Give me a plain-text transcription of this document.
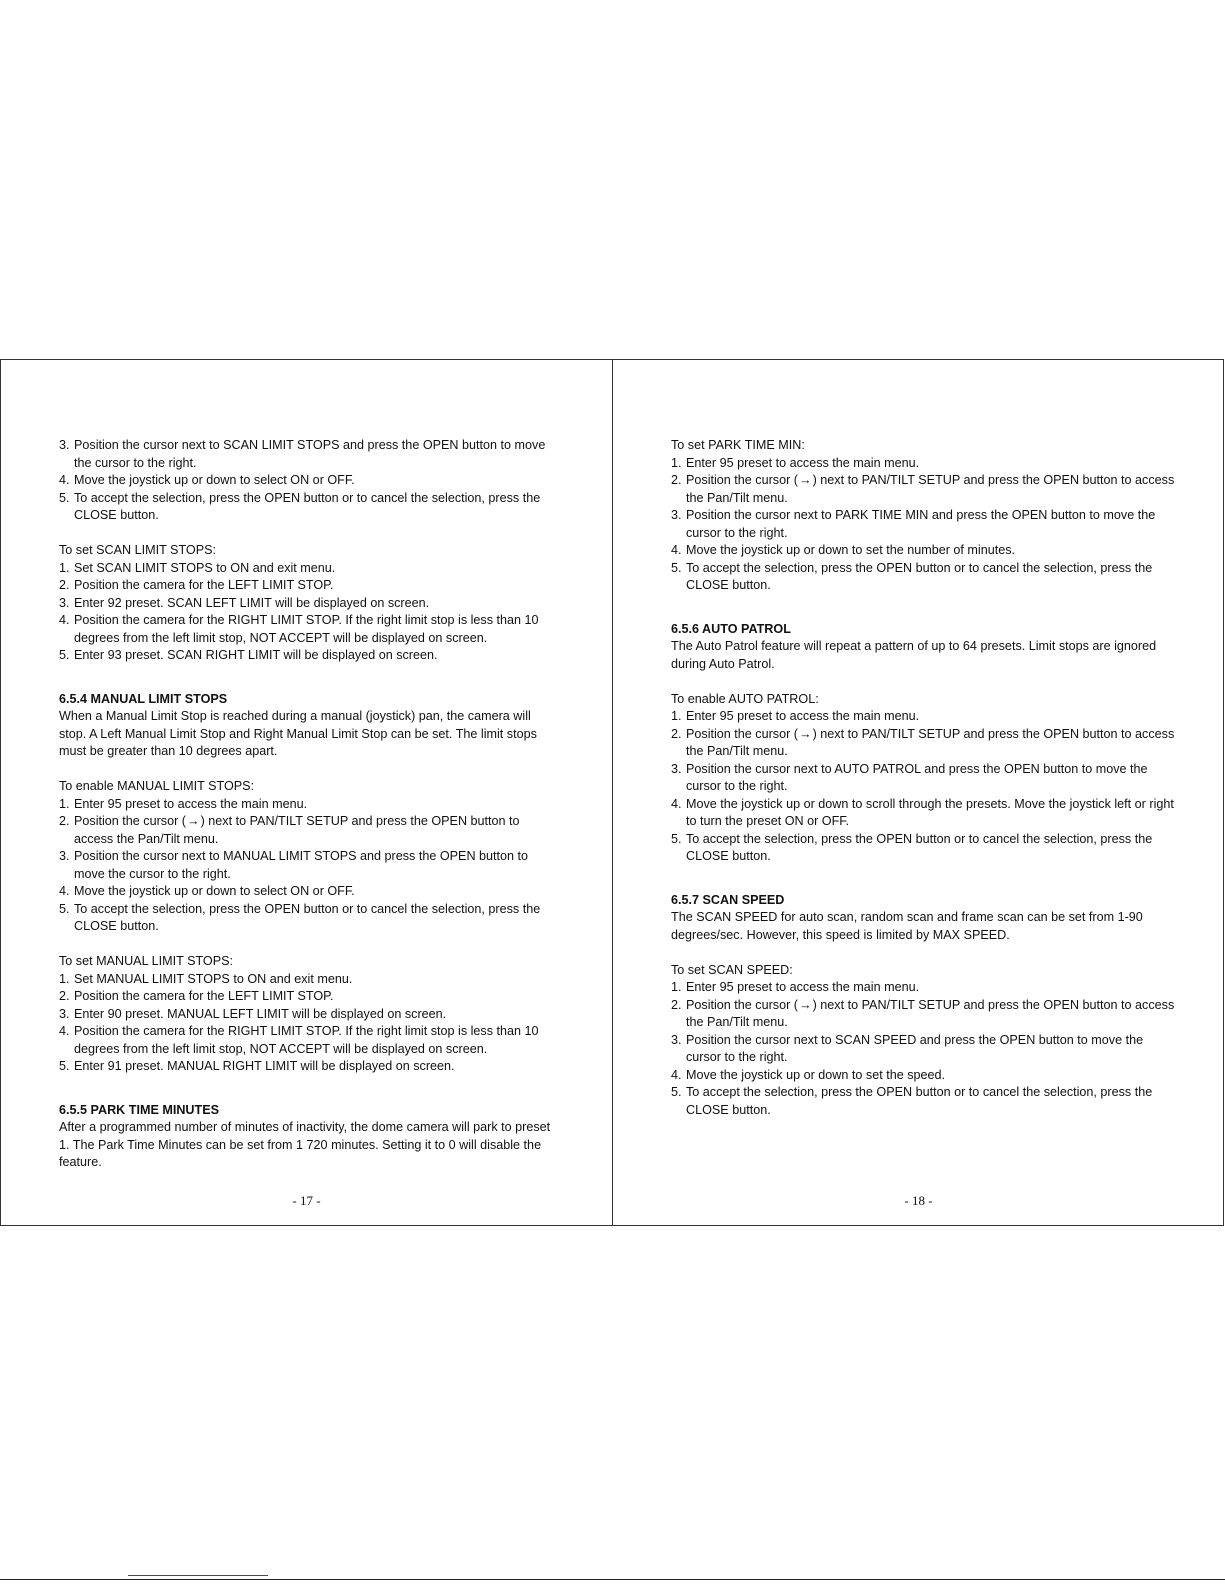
3. Position the cursor next to SCAN LIMIT STOPS and press the OPEN button to move the cursor to the right.
4. Move the joystick up or down to select ON or OFF.
5. To accept the selection, press the OPEN button or to cancel the selection, press the CLOSE button.

To set SCAN LIMIT STOPS:

1. Set SCAN LIMIT STOPS to ON and exit menu.
2. Position the camera for the LEFT LIMIT STOP.
3. Enter 92 preset. SCAN LEFT LIMIT will be displayed on screen.
4. Position the camera for the RIGHT LIMIT STOP. If the right limit stop is less than 10 degrees from the left limit stop, NOT ACCEPT will be displayed on screen.
5. Enter 93 preset. SCAN RIGHT LIMIT will be displayed on screen.

6.5.4 MANUAL LIMIT STOPS

When a Manual Limit Stop is reached during a manual (joystick) pan, the camera will stop. A Left Manual Limit Stop and Right Manual Limit Stop can be set. The limit stops must be greater than 10 degrees apart.

To enable MANUAL LIMIT STOPS:

1. Enter 95 preset to access the main menu.
2. Position the cursor (→) next to PAN/TILT SETUP and press the OPEN button to access the Pan/Tilt menu.
3. Position the cursor next to MANUAL LIMIT STOPS and press the OPEN button to move the cursor to the right.
4. Move the joystick up or down to select ON or OFF.
5. To accept the selection, press the OPEN button or to cancel the selection, press the CLOSE button.

To set MANUAL LIMIT STOPS:

1. Set MANUAL LIMIT STOPS to ON and exit menu.
2. Position the camera for the LEFT LIMIT STOP.
3. Enter 90 preset. MANUAL LEFT LIMIT will be displayed on screen.
4. Position the camera for the RIGHT LIMIT STOP. If the right limit stop is less than 10 degrees from the left limit stop, NOT ACCEPT will be displayed on screen.
5. Enter 91 preset. MANUAL RIGHT LIMIT will be displayed on screen.

6.5.5 PARK TIME MINUTES

After a programmed number of minutes of inactivity, the dome camera will park to preset 1. The Park Time Minutes can be set from 1 720 minutes. Setting it to 0 will disable the feature.

- 17 -

To set PARK TIME MIN:

1. Enter 95 preset to access the main menu.
2. Position the cursor (→) next to PAN/TILT SETUP and press the OPEN button to access the Pan/Tilt menu.
3. Position the cursor next to PARK TIME MIN and press the OPEN button to move the cursor to the right.
4. Move the joystick up or down to set the number of minutes.
5. To accept the selection, press the OPEN button or to cancel the selection, press the CLOSE button.

6.5.6 AUTO PATROL

The Auto Patrol feature will repeat a pattern of up to 64 presets. Limit stops are ignored during Auto Patrol.

To enable AUTO PATROL:

1. Enter 95 preset to access the main menu.
2. Position the cursor (→) next to PAN/TILT SETUP and press the OPEN button to access the Pan/Tilt menu.
3. Position the cursor next to AUTO PATROL and press the OPEN button to move the cursor to the right.
4. Move the joystick up or down to scroll through the presets. Move the joystick left or right to turn the preset ON or OFF.
5. To accept the selection, press the OPEN button or to cancel the selection, press the CLOSE button.

6.5.7 SCAN SPEED

The SCAN SPEED for auto scan, random scan and frame scan can be set from 1-90 degrees/sec. However, this speed is limited by MAX SPEED.

To set SCAN SPEED:

1. Enter 95 preset to access the main menu.
2. Position the cursor (→) next to PAN/TILT SETUP and press the OPEN button to access the Pan/Tilt menu.
3. Position the cursor next to SCAN SPEED and press the OPEN button to move the cursor to the right.
4. Move the joystick up or down to set the speed.
5. To accept the selection, press the OPEN button or to cancel the selection, press the CLOSE button.
- 18 -
